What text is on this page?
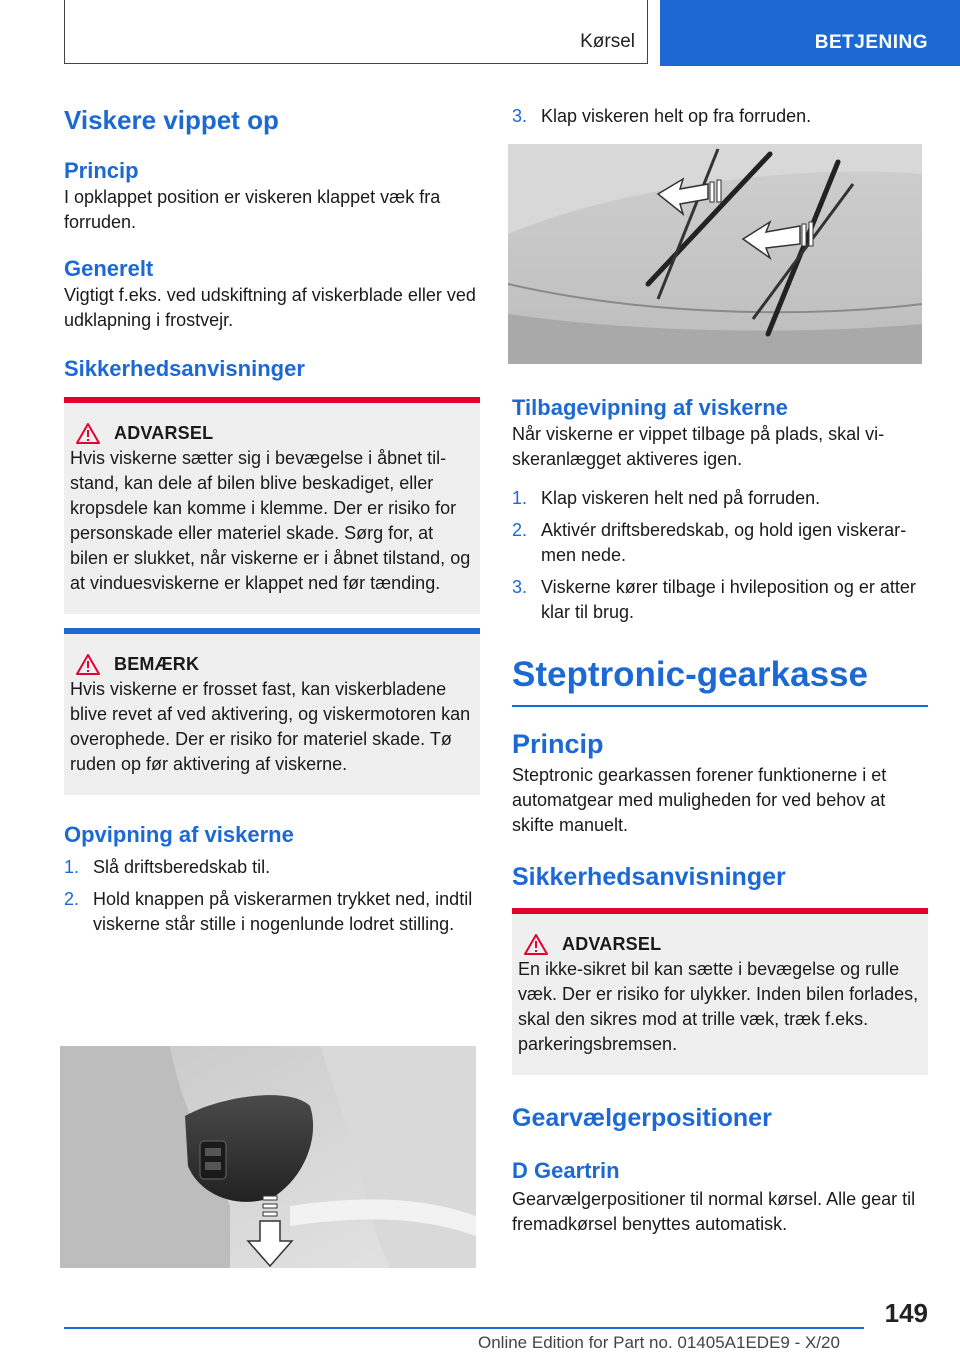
Kørsel	BETJENING
Viskere vippet op
Princip

I opklappet position er viskeren klappet væk fra forruden.

Generelt

Vigtigt f.eks. ved udskiftning af viskerblade eller ved udklapning i frostvejr.

Sikkerhedsanvisninger
ADVARSEL

Hvis viskerne sætter sig i bevægelse i åbnet tilstand, kan dele af bilen blive beskadiget, eller kropsdele kan komme i klemme. Der er risiko for personskade eller materiel skade. Sørg for, at bilen er slukket, når viskerne er i åbnet tilstand, og at vinduesviskerne er klappet ned før tænding.

BEMÆRK

Hvis viskerne er frosset fast, kan viskerbladene blive revet af ved aktivering, og viskermotoren kan overophede. Der er risiko for materiel skade. Tø ruden op før aktivering af viskerne.

Opvipning af viskerne
1. Slå driftsberedskab til.
2. Hold knappen på viskerarmen trykket ned, indtil viskerne står stille i nogenlunde lodret stilling.
3. Klap viskeren helt op fra forruden.
Tilbagevipning af viskerne

Når viskerne er vippet tilbage på plads, skal viskeranlægget aktiveres igen.

1. Klap viskeren helt ned på forruden.
2. Aktivér driftsberedskab, og hold igen viskerarmen nede.
3. Viskerne kører tilbage i hvileposition og er atter klar til brug.
Steptronic-gearkasse
Princip

Steptronic gearkassen forener funktionerne i et automatgear med muligheden for ved behov at skifte manuelt.

Sikkerhedsanvisninger
ADVARSEL

En ikke-sikret bil kan sætte i bevægelse og rulle væk. Der er risiko for ulykker. Inden bilen forlades, skal den sikres mod at trille væk, træk f.eks. parkeringsbremsen.

Gearvælgerpositioner
D Geartrin

Gearvælgerpositioner til normal kørsel. Alle gear til fremadkørsel benyttes automatisk.

149
Online Edition for Part no. 01405A1EDE9 - X/20
